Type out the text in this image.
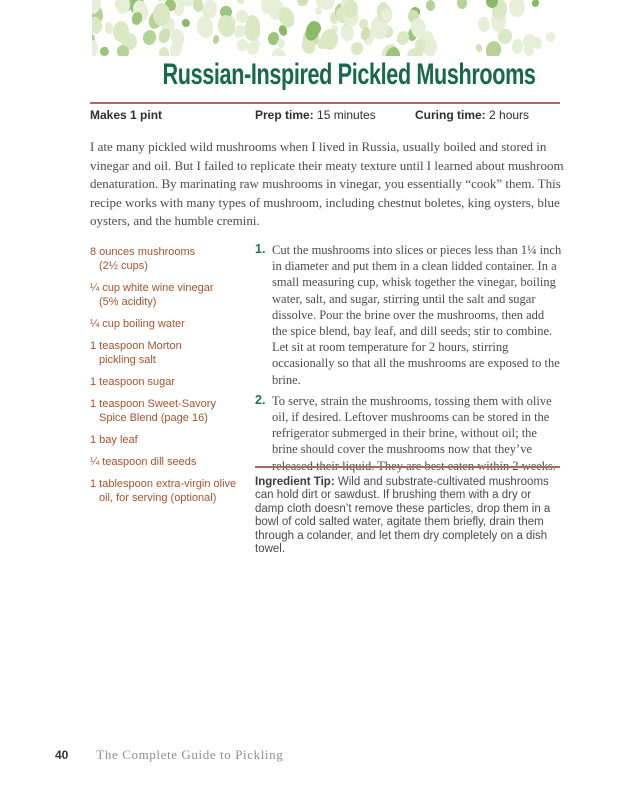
Russian-Inspired Pickled Mushrooms
Makes 1 pint	Prep time: 15 minutes	Curing time: 2 hours

I ate many pickled wild mushrooms when I lived in Russia, usually boiled and stored in vinegar and oil. But I failed to replicate their meaty texture until I learned about mushroom denaturation. By marinating raw mushrooms in vinegar, you essentially “cook” them. This recipe works with many types of mushroom, including chestnut boletes, king oysters, blue oysters, and the humble cremini.

8 ounces mushrooms
(2½ cups)
¼ cup white wine vinegar
(5% acidity)
¼ cup boiling water
1 teaspoon Morton
pickling salt
1 teaspoon sugar
1 teaspoon Sweet-Savory
Spice Blend (page 16)
1 bay leaf
¼ teaspoon dill seeds
1 tablespoon extra-virgin olive
oil, for serving (optional)
1. Cut the mushrooms into slices or pieces less than 1¼ inch in diameter and put them in a clean lidded container. In a small measuring cup, whisk together the vinegar, boiling water, salt, and sugar, stirring until the salt and sugar dissolve. Pour the brine over the mushrooms, then add the spice blend, bay leaf, and dill seeds; stir to combine. Let sit at room temperature for 2 hours, stirring occasionally so that all the mushrooms are exposed to the brine.

2. To serve, strain the mushrooms, tossing them with olive oil, if desired. Leftover mushrooms can be stored in the refrigerator submerged in their brine, without oil; the brine should cover the mushrooms now that they’ve released their liquid. They are best eaten within 2 weeks.

Ingredient Tip: Wild and substrate-cultivated mushrooms can hold dirt or sawdust. If brushing them with a dry or damp cloth doesn’t remove these particles, drop them in a bowl of cold salted water, agitate them briefly, drain them through a colander, and let them dry completely on a dish towel.
40 The Complete Guide to Pickling
